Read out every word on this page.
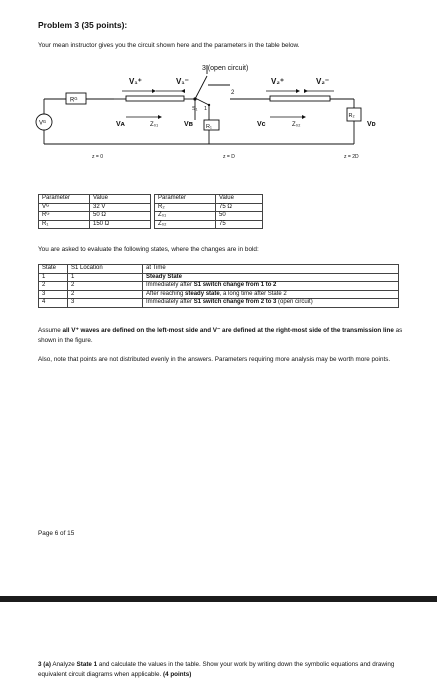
Problem 3 (35 points):
Your mean instructor gives you the circuit shown here and the parameters in the table below.
Vᴳ
Rᴳ
Vᴀ	Vʙ	Vᴄ	Vᴅ
Z₀₁	Z₀₂
R₁
R₂
V₁⁺	V₁⁻	V₂⁺	V₂⁻
S₁ 1
2
3 (open circuit)
z = 0	z = D	z = 2D
Parameter	Value		Parameter	Value
Vᴳ	32 V		R₂	75 Ω
Rᴳ	50 Ω		Z₀₁	50
R₁	150 Ω		Z₀₂	75
You are asked to evaluate the following states, where the changes are in bold:
State	S1 Location	at Time
1	1	Steady State
2	2	Immediately after S1 switch change from 1 to 2
3	2	After reaching steady state, a long time after State 2
4	3	Immediately after S1 switch change from 2 to 3 (open circuit)
Assume all V⁺ waves are defined on the left-most side and V⁻ are defined at the right-most side of the transmission line as shown in the figure.
Also, note that points are not distributed evenly in the answers. Parameters requiring more analysis may be worth more points.
Page 6 of 15
3 (a) Analyze State 1 and calculate the values in the table. Show your work by writing down the symbolic equations and drawing equivalent circuit diagrams when applicable. (4 points)
